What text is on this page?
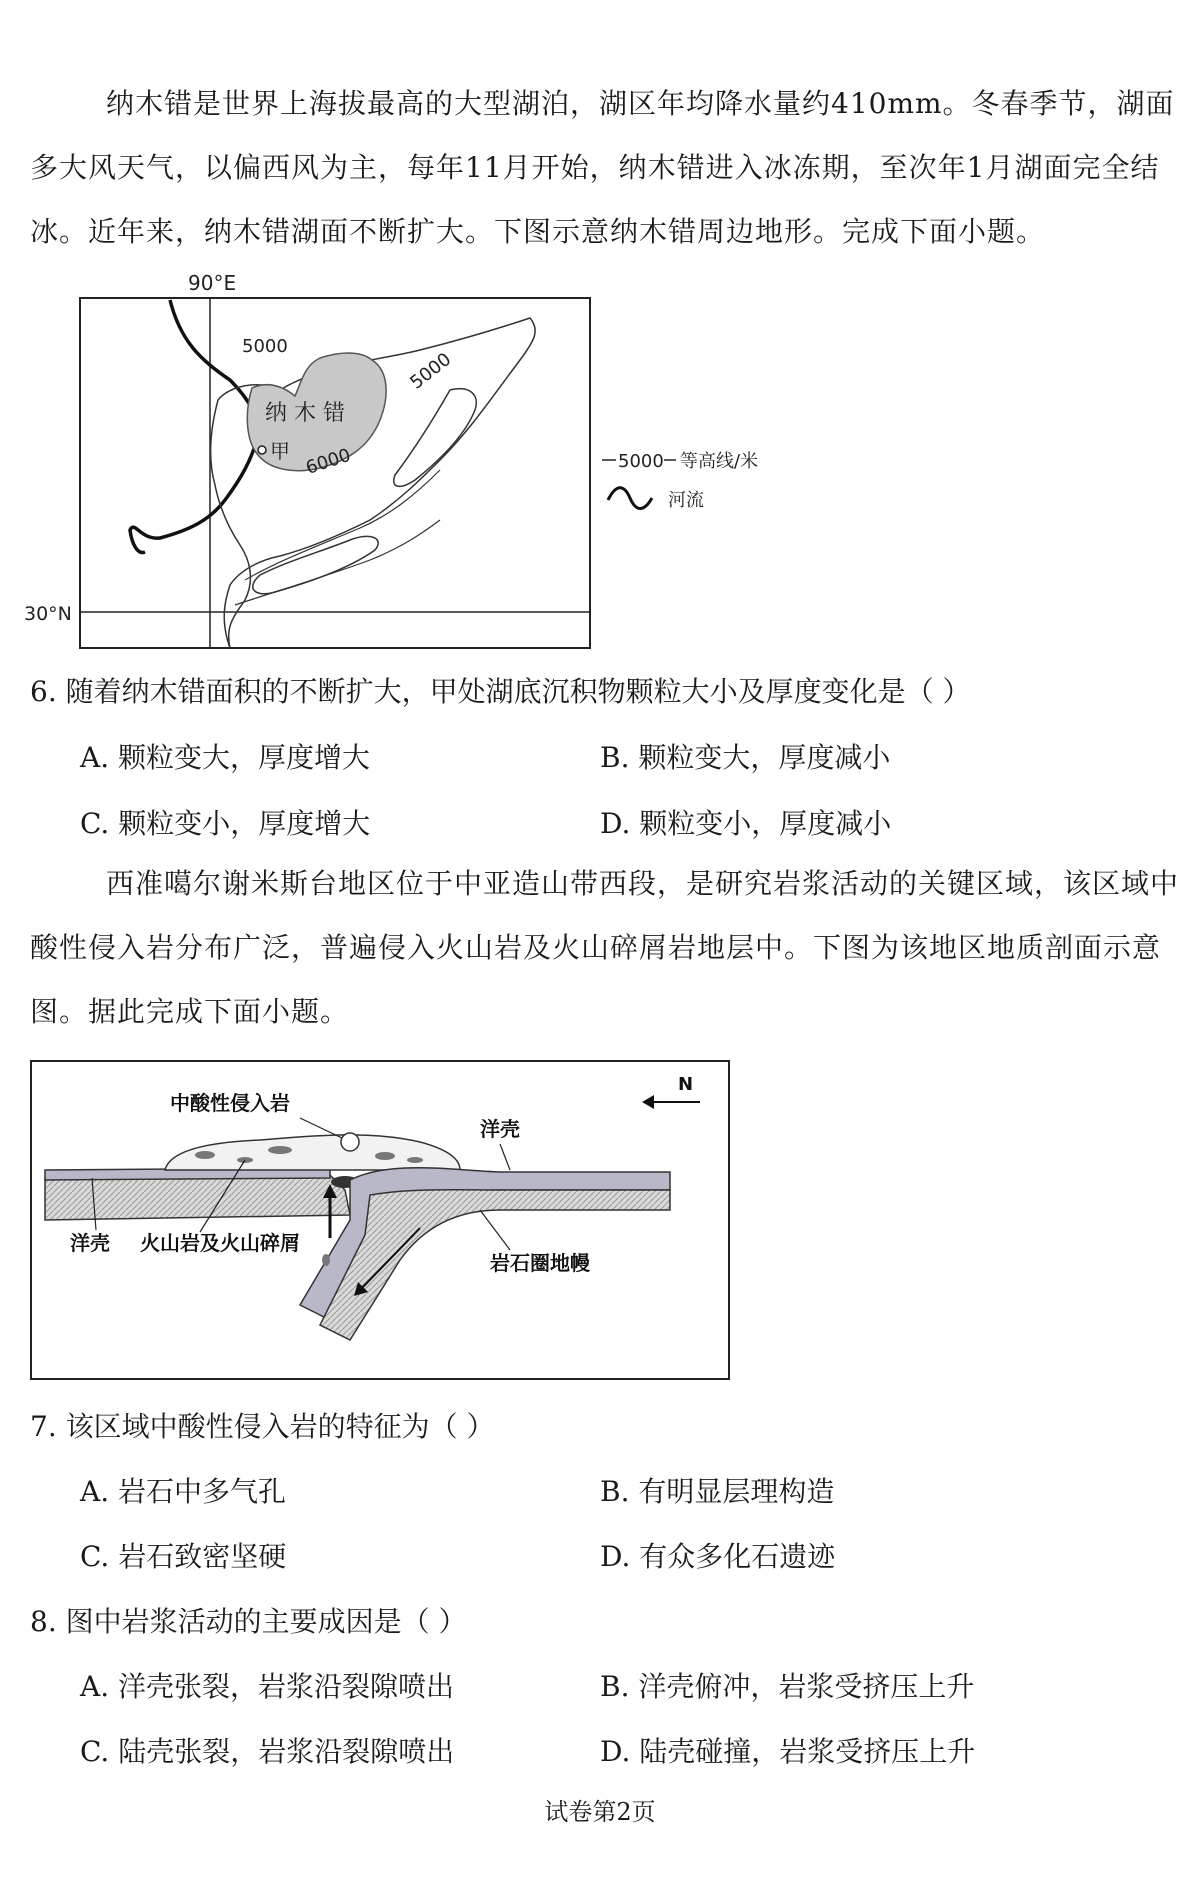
纳木错是世界上海拔最高的大型湖泊，湖区年均降水量约410mm。冬春季节，湖面多大风天气，以偏西风为主，每年11月开始，纳木错进入冰冻期，至次年1月湖面完全结冰。近年来，纳木错湖面不断扩大。下图示意纳木错周边地形。完成下面小题。

90°E
30°N
纳 木 错
甲
5000
5000
6000	5000 等高线/米
河流

6. 随着纳木错面积的不断扩大，甲处湖底沉积物颗粒大小及厚度变化是（ ）

A. 颗粒变大，厚度增大	B. 颗粒变大，厚度减小
C. 颗粒变小，厚度增大	D. 颗粒变小，厚度减小

西准噶尔谢米斯台地区位于中亚造山带西段，是研究岩浆活动的关键区域，该区域中酸性侵入岩分布广泛，普遍侵入火山岩及火山碎屑岩地层中。下图为该地区地质剖面示意图。据此完成下面小题。

N
中酸性侵入岩
洋壳
洋壳 火山岩及火山碎屑
岩石圈地幔

7. 该区域中酸性侵入岩的特征为（ ）

A. 岩石中多气孔	B. 有明显层理构造
C. 岩石致密坚硬	D. 有众多化石遗迹

8. 图中岩浆活动的主要成因是（ ）

A. 洋壳张裂，岩浆沿裂隙喷出	B. 洋壳俯冲，岩浆受挤压上升
C. 陆壳张裂，岩浆沿裂隙喷出	D. 陆壳碰撞，岩浆受挤压上升
试卷第2页
